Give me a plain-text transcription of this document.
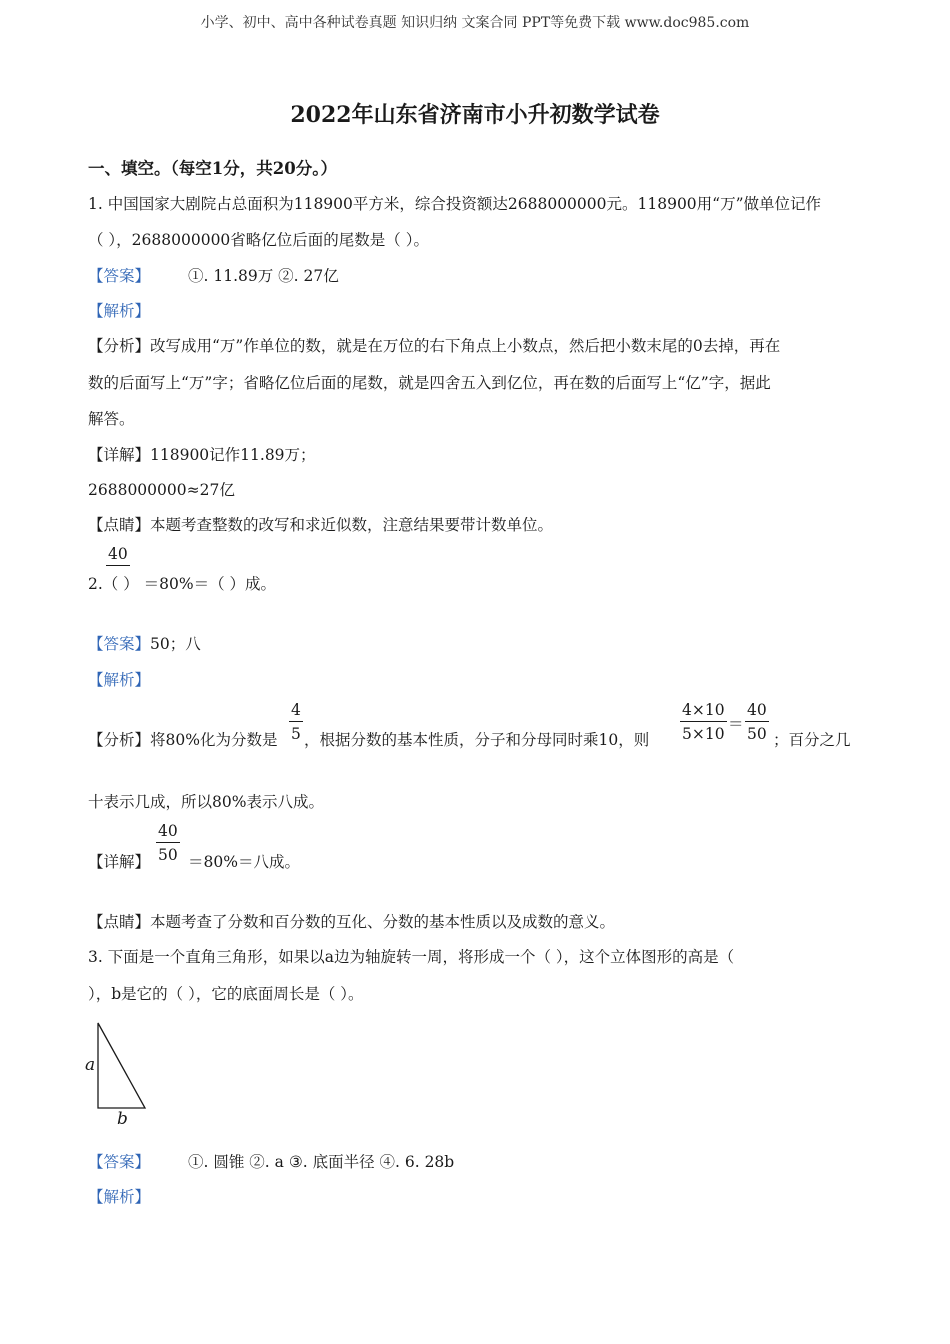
小学、初中、高中各种试卷真题 知识归纳 文案合同 PPT等免费下载 www.doc985.com
2022年山东省济南市小升初数学试卷
一、填空。（每空1分，共20分。）
1. 中国国家大剧院占总面积为118900平方米，综合投资额达2688000000元。118900用“万”做单位记作
（ ），2688000000省略亿位后面的尾数是（ ）。
【答案】 ①. 11.89万 ②. 27亿
【解析】
【分析】改写成用“万”作单位的数，就是在万位的右下角点上小数点，然后把小数末尾的0去掉，再在
数的后面写上“万”字；省略亿位后面的尾数，就是四舍五入到亿位，再在数的后面写上“亿”字，据此
解答。
【详解】118900记作11.89万；
2688000000≈27亿
【点睛】本题考查整数的改写和求近似数，注意结果要带计数单位。
40
2.（ ） ＝80%＝（ ）成。
【答案】50；八
【解析】
【分析】将80%化为分数是
4
5 ，根据分数的基本性质，分子和分母同时乘10，则
4×10
5×10
＝
40
50 ；百分之几
十表示几成，所以80%表示八成。
【详解】
40
50 ＝80%＝八成。
【点睛】本题考查了分数和百分数的互化、分数的基本性质以及成数的意义。
3. 下面是一个直角三角形，如果以a边为轴旋转一周，将形成一个（ ），这个立体图形的高是（
），b是它的（ ），它的底面周长是（ ）。
a
b
【答案】 ①. 圆锥 ②. a ③. 底面半径 ④. 6. 28b
【解析】
